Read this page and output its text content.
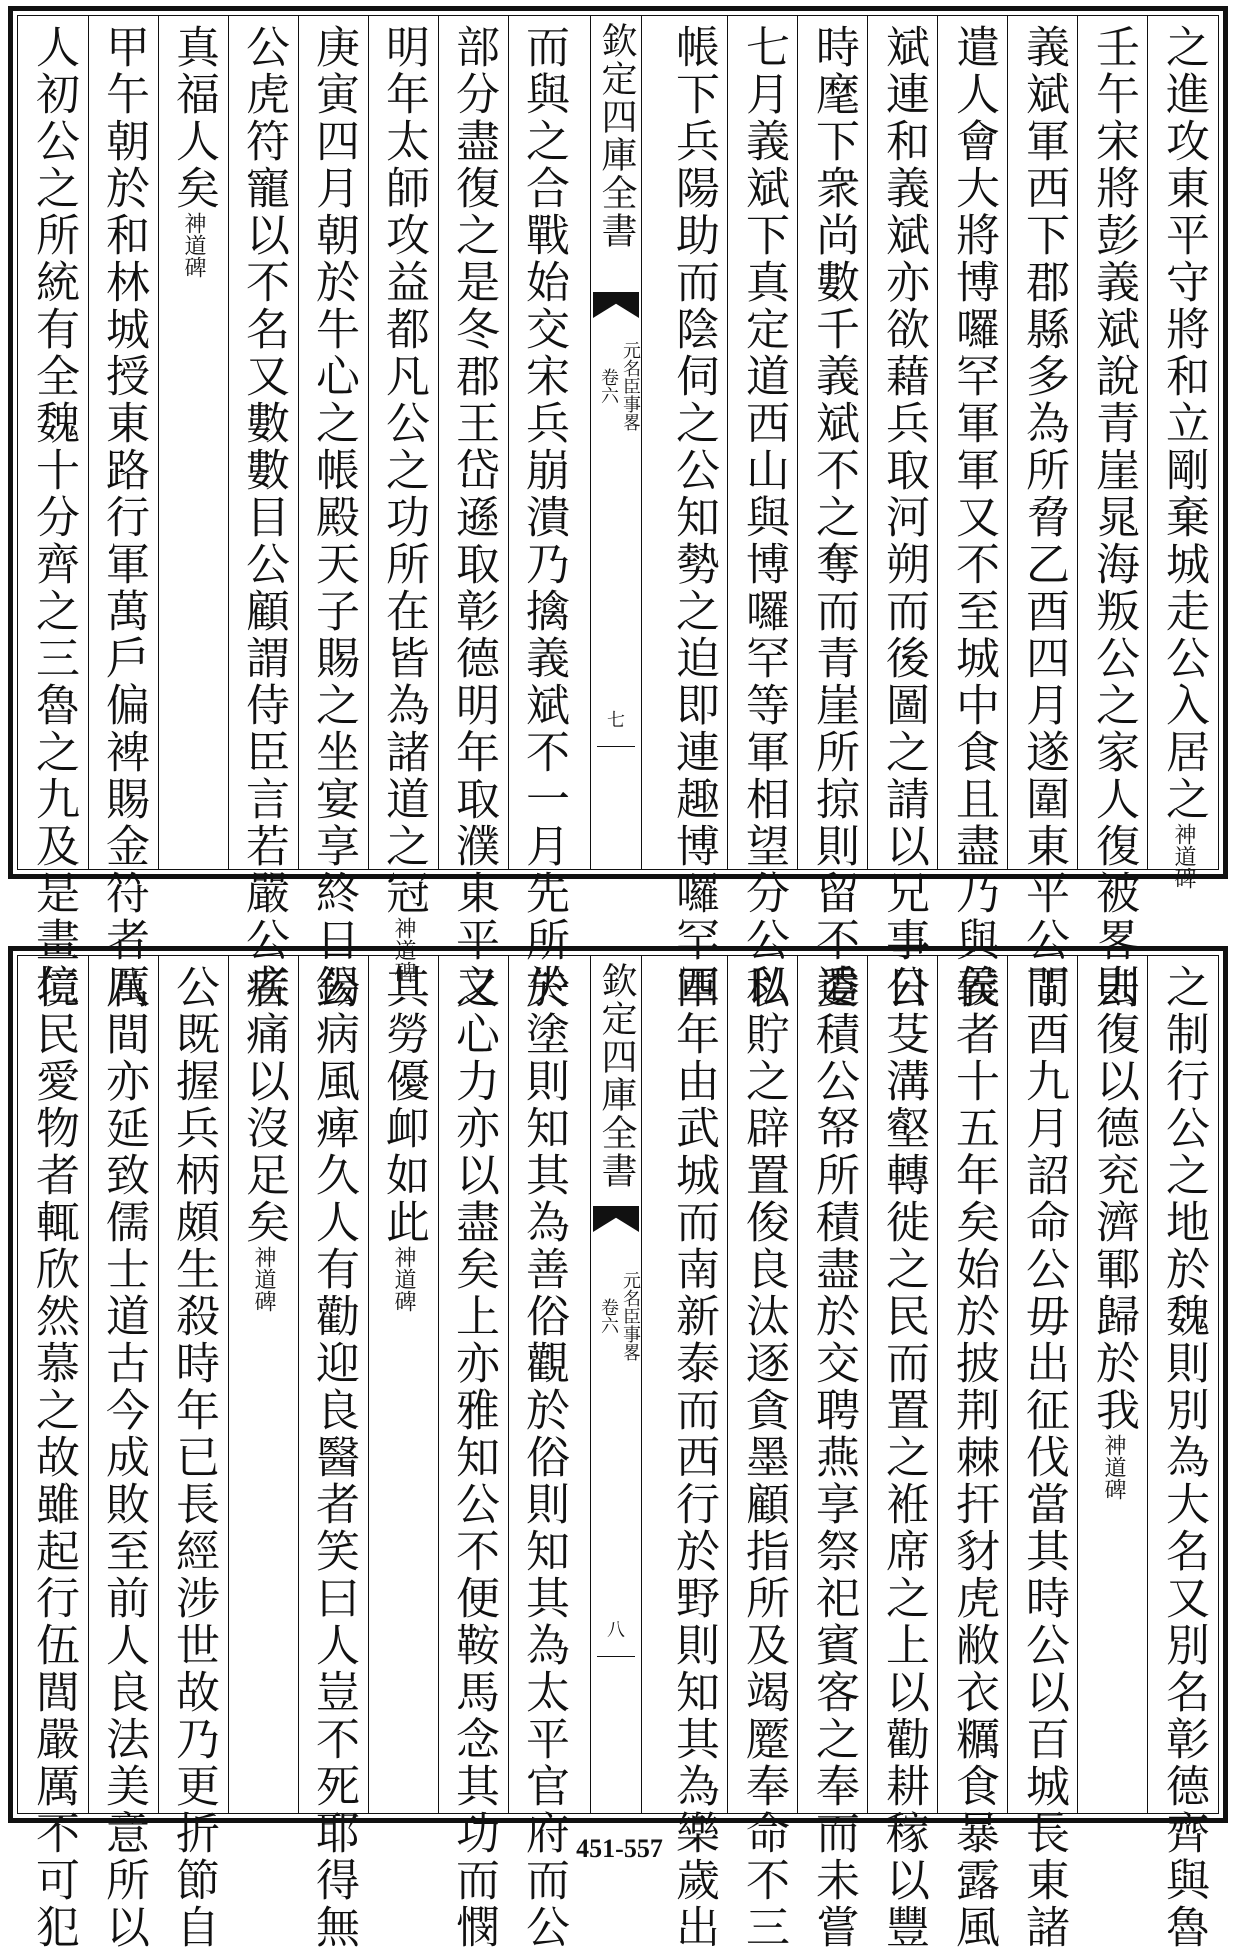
之進攻東平守將和立剛棄城走公入居之神道碑
壬午宋將彭義斌說青崖晁海叛公之家人復被畧去
義斌軍西下郡縣多為所脅乙酉四月遂圍東平公間
遣人會大將博囉罕軍軍又不至城中食且盡乃與義
斌連和義斌亦欲藉兵取河朔而後圖之請以兄事公
時麾下衆尚數千義斌不之奪而青崖所掠則留不遣
七月義斌下真定道西山與博囉罕等軍相望分公以
帳下兵陽助而陰伺之公知勢之迫即連趣博囉罕軍
欽定四庫全書
元名臣事畧 卷六
七
而與之合戰始交宋兵崩潰乃擒義斌不一月先所失
部分盡復之是冬郡王岱遜取彰德明年取濮東平又
明年太師攻益都凡公之功所在皆為諸道之冠神道碑
庚寅四月朝於牛心之帳殿天子賜之坐宴享終日錫
公虎符寵以不名又數數目公顧謂侍臣言若嚴公者
真福人矣神道碑
甲午朝於和林城授東路行軍萬戶偏裨賜金符者八
人初公之所統有全魏十分齊之三魯之九及是畫境
之制行公之地於魏則別為大名又別名彰德齊與魯
則復以德兖濟鄆歸於我神道碑
丁酉九月詔命公毋出征伐當其時公以百城長東諸
侯者十五年矣始於披荆棘扞豺虎敝衣糲食暴露風
日芟溝壑轉徙之民而置之袵席之上以勸耕稼以豐
委積公帑所積盡於交聘燕享祭祀賓客之奉而未嘗
私貯之辟置俊良汰逐貪墨顧指所及竭蹷奉命不三
四年由武城而南新泰而西行於野則知其為樂歲出
欽定四庫全書
元名臣事畧 卷六
八
於塗則知其為善俗觀於俗則知其為太平官府而公
之心力亦以盡矣上亦雅知公不便鞍馬念其功而憫
其勞優卹如此神道碑
公病風痺久人有勸迎良醫者笑曰人豈不死耶得無
疾痛以沒足矣神道碑
公既握兵柄頗生殺時年已長經涉世故乃更折節自
厲間亦延致儒士道古今成敗至前人良法美意所以
仁民愛物者輒欣然慕之故雖起行伍閭嚴厲不可犯	451-557
